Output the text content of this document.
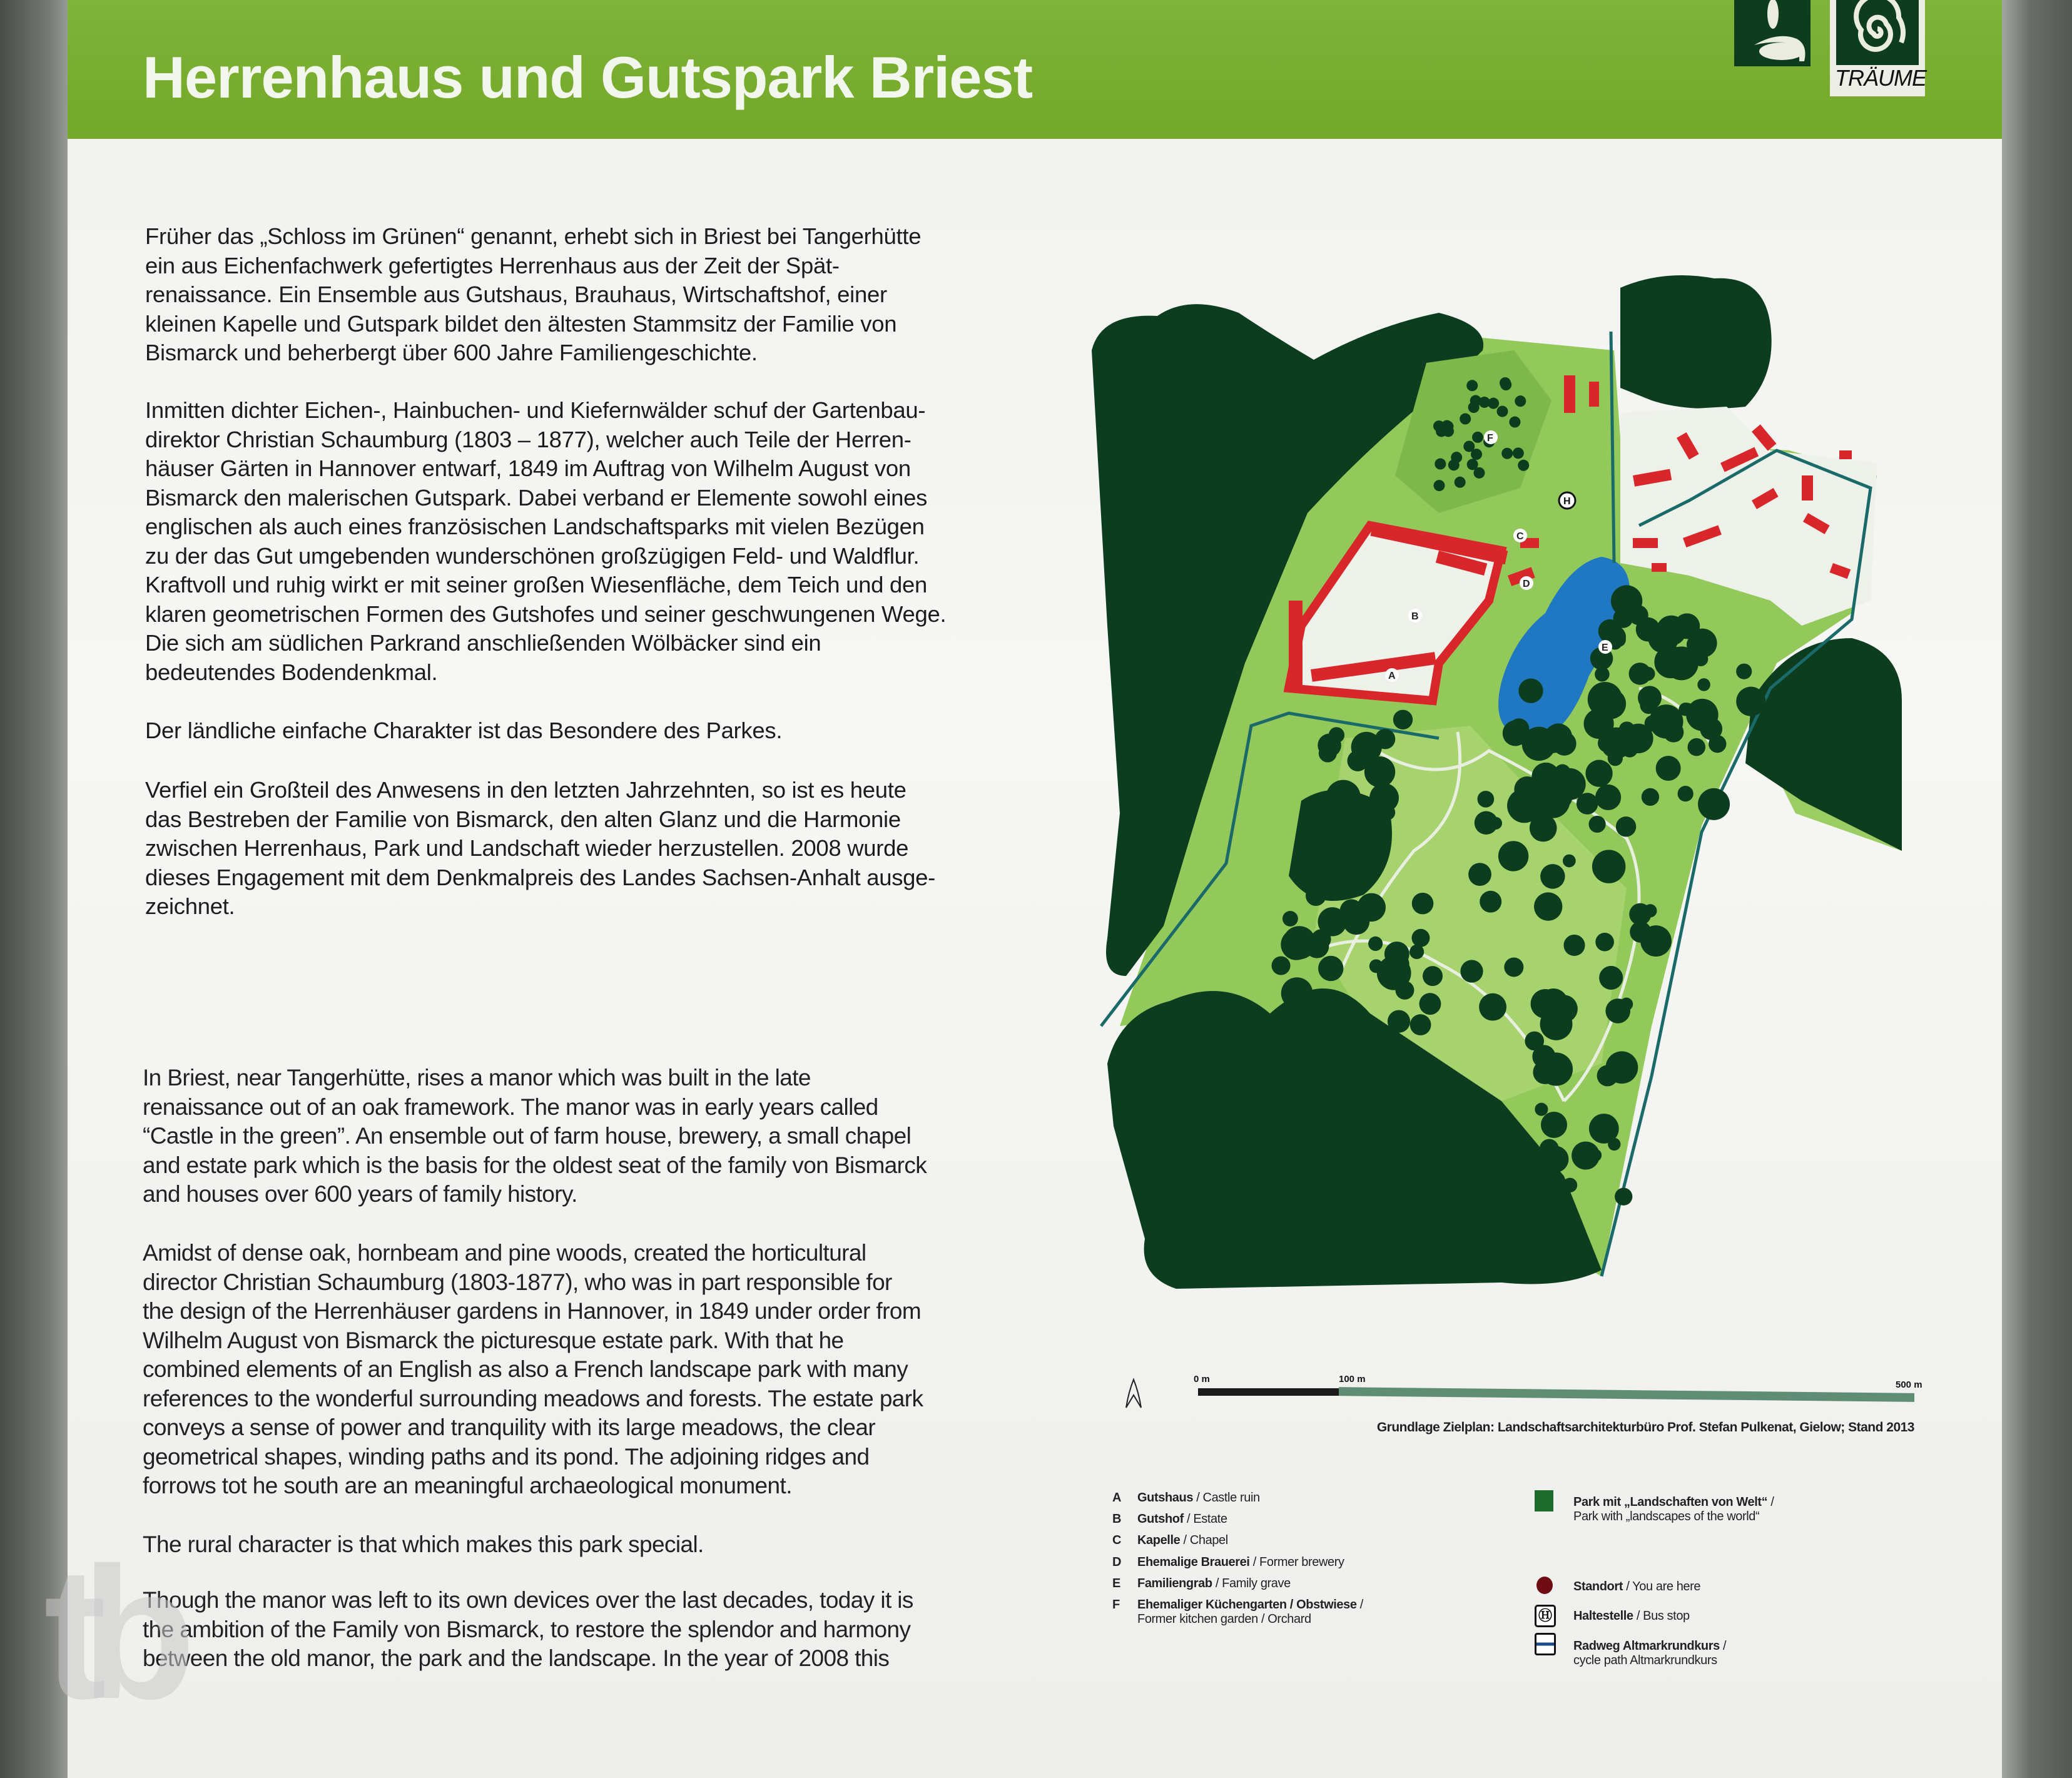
Herrenhaus und Gutspark Briest	TRÄUME
Früher das „Schloss im Grünen“ genannt, erhebt sich in Briest bei Tangerhütte
ein aus Eichenfachwerk gefertigtes Herrenhaus aus der Zeit der Spät-
renaissance. Ein Ensemble aus Gutshaus, Brauhaus, Wirtschaftshof, einer
kleinen Kapelle und Gutspark bildet den ältesten Stammsitz der Familie von
Bismarck und beherbergt über 600 Jahre Familiengeschichte.
Inmitten dichter Eichen-, Hainbuchen- und Kiefernwälder schuf der Gartenbau-
direktor Christian Schaumburg (1803 – 1877), welcher auch Teile der Herren-
häuser Gärten in Hannover entwarf, 1849 im Auftrag von Wilhelm August von
Bismarck den malerischen Gutspark. Dabei verband er Elemente sowohl eines
englischen als auch eines französischen Landschaftsparks mit vielen Bezügen
zu der das Gut umgebenden wunderschönen großzügigen Feld- und Waldflur.
Kraftvoll und ruhig wirkt er mit seiner großen Wiesenfläche, dem Teich und den
klaren geometrischen Formen des Gutshofes und seiner geschwungenen Wege.
Die sich am südlichen Parkrand anschließenden Wölbäcker sind ein
bedeutendes Bodendenkmal.
Der ländliche einfache Charakter ist das Besondere des Parkes.
Verfiel ein Großteil des Anwesens in den letzten Jahrzehnten, so ist es heute
das Bestreben der Familie von Bismarck, den alten Glanz und die Harmonie
zwischen Herrenhaus, Park und Landschaft wieder herzustellen. 2008 wurde
dieses Engagement mit dem Denkmalpreis des Landes Sachsen-Anhalt ausge-
zeichnet.
In Briest, near Tangerhütte, rises a manor which was built in the late
renaissance out of an oak framework. The manor was in early years called
“Castle in the green”. An ensemble out of farm house, brewery, a small chapel
and estate park which is the basis for the oldest seat of the family von Bismarck
and houses over 600 years of family history.
Amidst of dense oak, hornbeam and pine woods, created the horticultural
director Christian Schaumburg (1803-1877), who was in part responsible for
the design of the Herrenhäuser gardens in Hannover, in 1849 under order from
Wilhelm August von Bismarck the picturesque estate park. With that he
combined elements of an English as also a French landscape park with many
references to the wonderful surrounding meadows and forests. The estate park
conveys a sense of power and tranquility with its large meadows, the clear
geometrical shapes, winding paths and its pond. The adjoining ridges and
forrows tot he south are an meaningful archaeological monument.
The rural character is that which makes this park special.
Though the manor was left to its own devices over the last decades, today it is
the ambition of the Family von Bismarck, to restore the splendor and harmony
between the old manor, the park and the landscape. In the year of 2008 this
A
B
C
D
E
F
H
0 m	100 m
500 m
Grundlage Zielplan: Landschaftsarchitekturbüro Prof. Stefan Pulkenat, Gielow; Stand 2013
A Gutshaus / Castle ruin
B Gutshof / Estate
C Kapelle / Chapel
D Ehemalige Brauerei / Former brewery
E Familiengrab / Family grave
F Ehemaliger Küchengarten / Obstwiese /
Former kitchen garden / Orchard
Park mit „Landschaften von Welt“ /
Park with „landscapes of the world“
Standort / You are here
Ⓗ	Haltestelle / Bus stop
Radweg Altmarkrundkurs /
cycle path Altmarkrundkurs
tb
